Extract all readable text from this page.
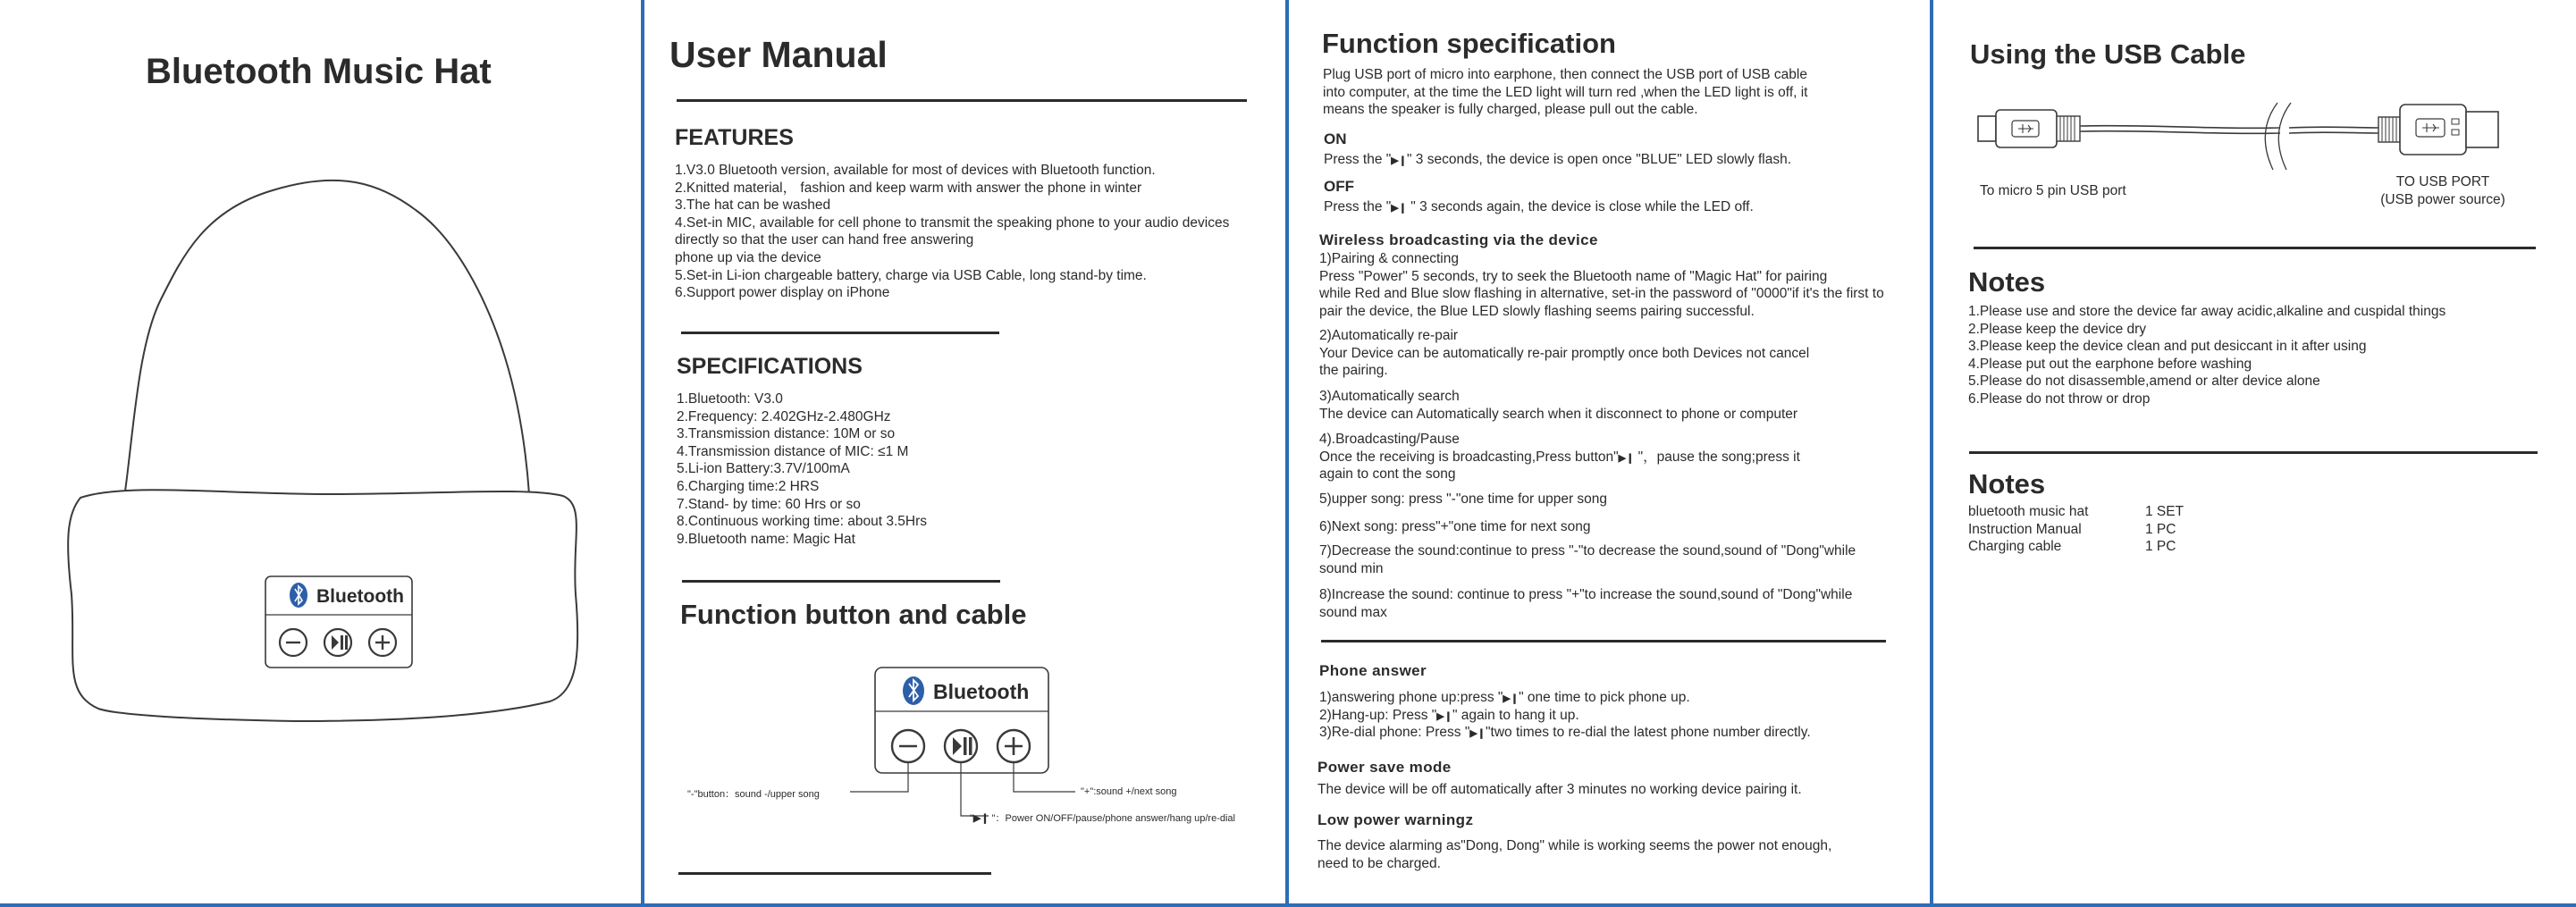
Bluetooth Music Hat
Bluetooth
User Manual
FEATURES
1.V3.0 Bluetooth version, available for most of devices with Bluetooth function.
2.Knitted material， fashion and keep warm with answer the phone in winter
3.The hat can be washed
4.Set-in MIC, available for cell phone to transmit the speaking phone to your audio devices
directly so that the user can hand free answering
phone up via the device
5.Set-in Li-ion chargeable battery, charge via USB Cable, long stand-by time.
6.Support power display on iPhone
SPECIFICATIONS
1.Bluetooth: V3.0
2.Frequency: 2.402GHz-2.480GHz
3.Transmission distance: 10M or so
4.Transmission distance of MIC: ≤1 M
5.Li-ion Battery:3.7V/100mA
6.Charging time:2 HRS
7.Stand- by time: 60 Hrs or so
8.Continuous working time: about 3.5Hrs
9.Bluetooth name: Magic Hat
Function button and cable
Bluetooth
"-"button：sound -/upper song	"+":sound +/next song
"▶❙ "：Power ON/OFF/pause/phone answer/hang up/re-dial
Function specification
Plug USB port of micro into earphone, then connect the USB port of USB cable
into computer, at the time the LED light will turn red ,when the LED light is off, it
means the speaker is fully charged, please pull out the cable.
ON
Press the "▶❙" 3 seconds, the device is open once "BLUE" LED slowly flash.
OFF
Press the "▶❙ " 3 seconds again, the device is close while the LED off.
Wireless broadcasting via the device
1)Pairing & connecting
Press "Power" 5 seconds, try to seek the Bluetooth name of "Magic Hat" for pairing
while Red and Blue slow flashing in alternative, set-in the password of "0000"if it's the first to
pair the device, the Blue LED slowly flashing seems pairing successful.
2)Automatically re-pair
Your Device can be automatically re-pair promptly once both Devices not cancel
the pairing.
3)Automatically search
The device can Automatically search when it disconnect to phone or computer
4).Broadcasting/Pause
Once the receiving is broadcasting,Press button"▶❙ "，pause the song;press it
again to cont the song
5)upper song: press "-"one time for upper song
6)Next song: press"+"one time for next song
7)Decrease the sound:continue to press "-"to decrease the sound,sound of "Dong"while
sound min
8)Increase the sound: continue to press "+"to increase the sound,sound of "Dong"while
sound max
Phone answer
1)answering phone up:press "▶❙" one time to pick phone up.
2)Hang-up: Press "▶❙" again to hang it up.
3)Re-dial phone: Press "▶❙"two times to re-dial the latest phone number directly.
Power save mode
The device will be off automatically after 3 minutes no working device pairing it.
Low power warningz
The device alarming as"Dong, Dong" while is working seems the power not enough,
need to be charged.
Using the USB Cable
To micro 5 pin USB port
TO USB PORT
(USB power source)
Notes
1.Please use and store the device far away acidic,alkaline and cuspidal things
2.Please keep the device dry
3.Please keep the device clean and put desiccant in it after using
4.Please put out the earphone before washing
5.Please do not disassemble,amend or alter device alone
6.Please do not throw or drop
Notes
bluetooth music hat	1 SET
Instruction Manual	1 PC
Charging cable	1 PC
